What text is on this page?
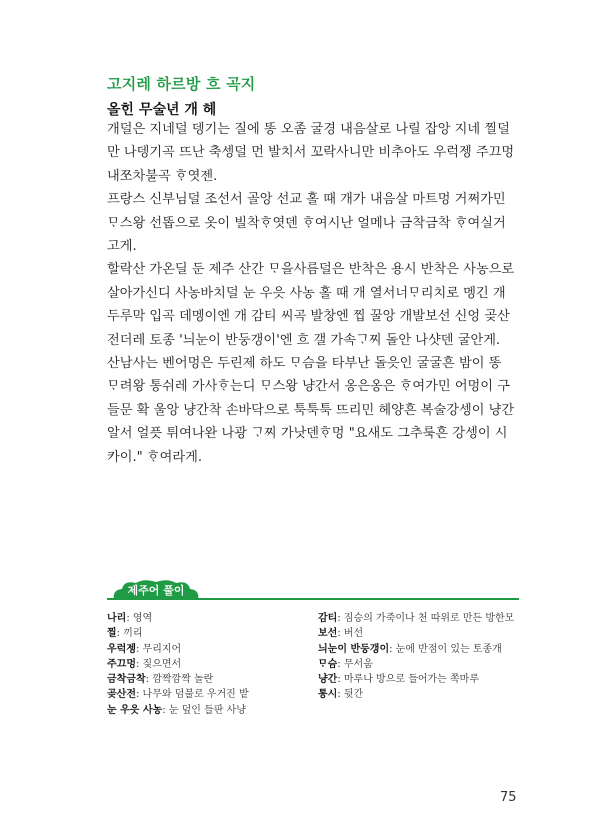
고지레 하르방 흐 곡지
올힌 무술년 개 헤

개덜은 지네덜 뎅기는 질에 똥 오좀 굴경 내음살로 나릴 잡앙 지네 찔덜만 나뎅기곡 뜨난 축셍덜 먼 발치서 꼬락사니만 비추아도 우럭젱 주끄멍 내쪼차불곡 ᄒᆞ엿젠.

프랑스 신부님덜 조선서 골앙 선교 홀 때 개가 내음살 마트멍 거쩌가민 ᄆᆞ스왕 선똡으로 옷이 빌착ᄒᆞ엿덴 ᄒᆞ여시난 얼메나 금착금착 ᄒᆞ여실거고게.

할락산 가온딜 둔 제주 산간 ᄆᆞ을사름덜은 반착은 용시 반착은 사농으로 살아가신디 사농바치덜 눈 우읏 사농 홀 때 개 열서너ᄆᆞ리치로 멩긴 개 두루막 입곡 데멩이엔 개 감티 씨곡 발창엔 찝 꿀앙 개발보선 신엉 곶산전더레 토종 '늬눈이 반둥갱이'엔 흐 갤 가속ᄀᆞ찌 돌안 나샷덴 굴안게.

산남사는 벤어멍은 두린제 하도 ᄆᆞ슴을 타부난 돌읏인 굴굴흔 밤이 똥 ᄆᆞ려왕 통쉬레 가사ᄒᆞ는디 ᄆᆞ스왕 냥간서 옹은옹은 ᄒᆞ여가민 어멍이 구들문 확 울앙 냥간착 손바닥으로 툭툭툭 뜨리민 헤양흔 복술강셍이 냥간 알서 얼픗 튀여나완 나광 ᄀᆞ찌 가낫덴ᄒᆞ멍 "요새도 그추룩흔 강셍이 시카이." ᄒᆞ여라게.

제주어 풀이
나리: 영역
찔: 끼리
우럭젱: 무리지어
주끄멍: 짖으면서
금착금착: 깜짝깜짝 놀란
곶산전: 나무와 덤불로 우거진 밭
눈 우읏 사농: 눈 덮인 들판 사냥
감티: 짐승의 가죽이나 천 따위로 만든 방한모
보선: 버선
늬눈이 반둥갱이: 눈에 반점이 있는 토종개
ᄆᆞ슴: 무서움
냥간: 마루나 방으로 들어가는 쪽마루
통시: 뒷간
75
